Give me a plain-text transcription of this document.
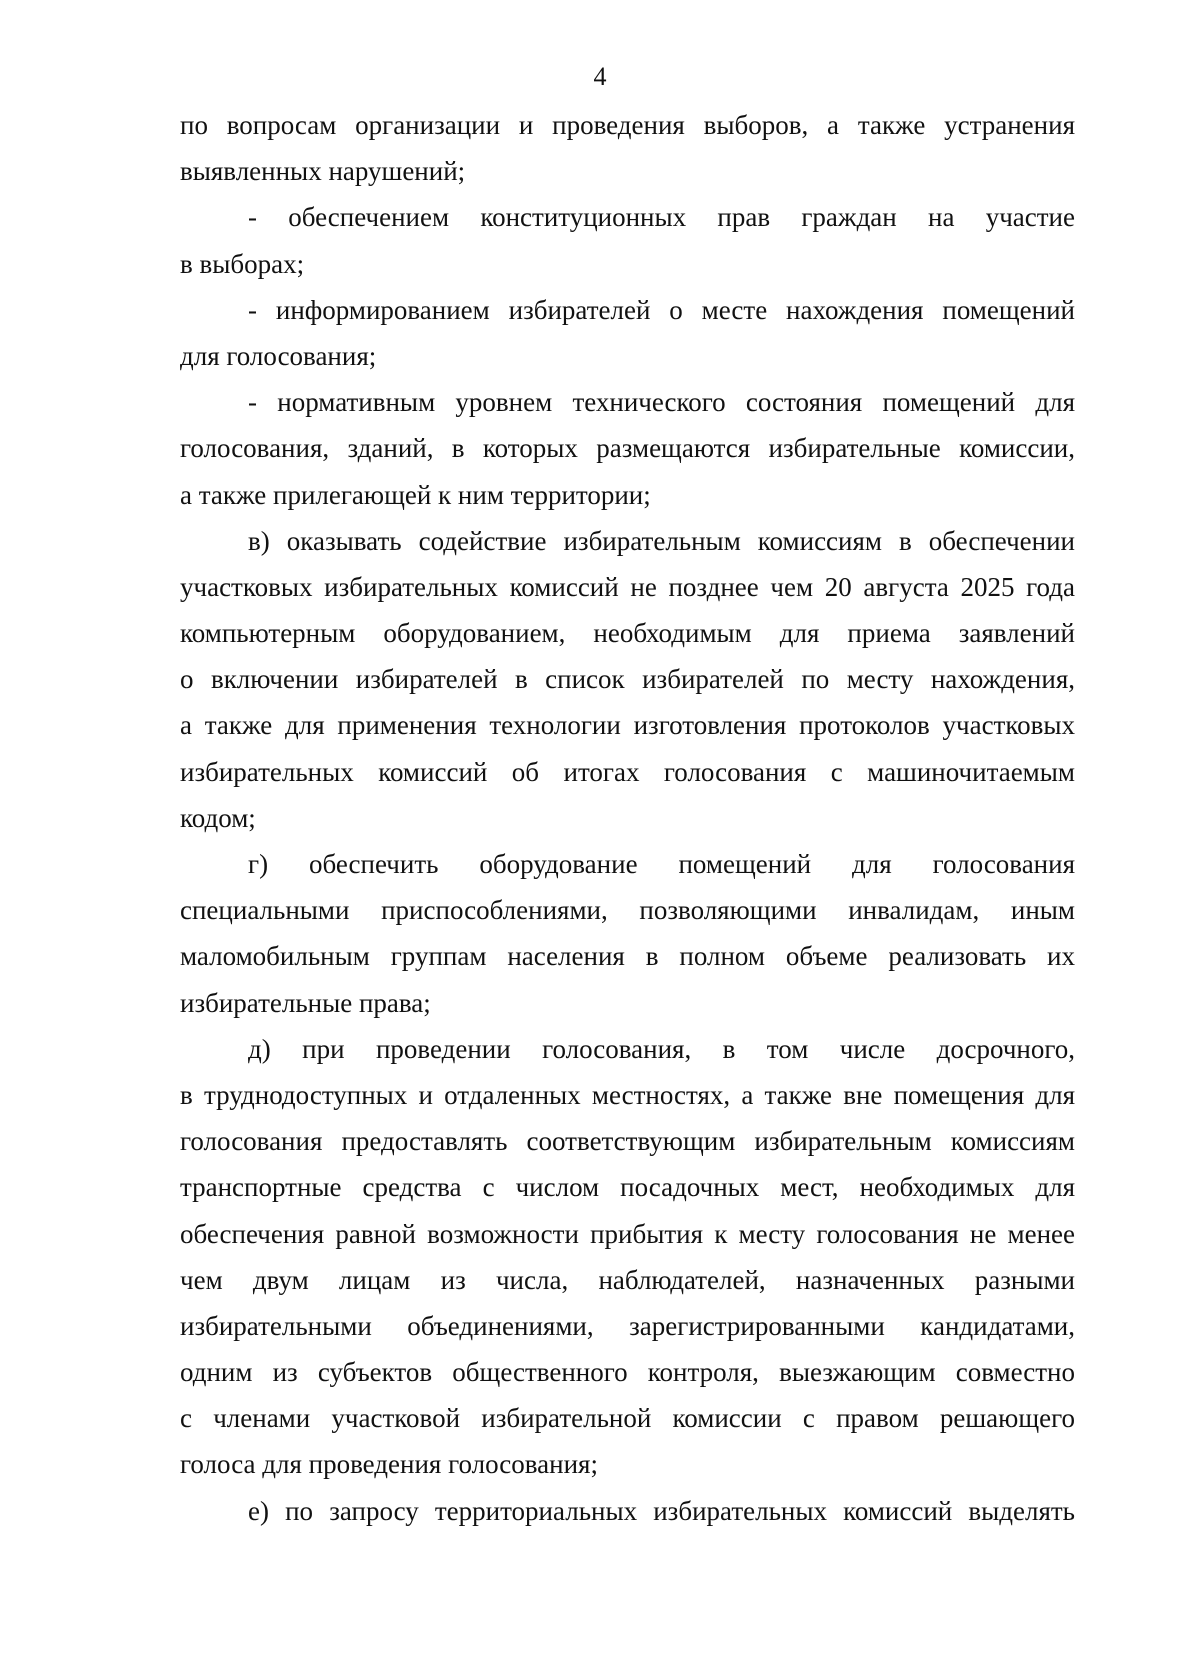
4
по вопросам организации и проведения выборов, а также устранения
выявленных нарушений;
- обеспечением конституционных прав граждан на участие
в выборах;
- информированием избирателей о месте нахождения помещений
для голосования;
- нормативным уровнем технического состояния помещений для
голосования, зданий, в которых размещаются избирательные комиссии,
а также прилегающей к ним территории;
в) оказывать содействие избирательным комиссиям в обеспечении
участковых избирательных комиссий не позднее чем 20 августа 2025 года
компьютерным оборудованием, необходимым для приема заявлений
о включении избирателей в список избирателей по месту нахождения,
а также для применения технологии изготовления протоколов участковых
избирательных комиссий об итогах голосования с машиночитаемым
кодом;
г) обеспечить оборудование помещений для голосования
специальными приспособлениями, позволяющими инвалидам, иным
маломобильным группам населения в полном объеме реализовать их
избирательные права;
д) при проведении голосования, в том числе досрочного,
в труднодоступных и отдаленных местностях, а также вне помещения для
голосования предоставлять соответствующим избирательным комиссиям
транспортные средства с числом посадочных мест, необходимых для
обеспечения равной возможности прибытия к месту голосования не менее
чем двум лицам из числа, наблюдателей, назначенных разными
избирательными объединениями, зарегистрированными кандидатами,
одним из субъектов общественного контроля, выезжающим совместно
с членами участковой избирательной комиссии с правом решающего
голоса для проведения голосования;
е) по запросу территориальных избирательных комиссий выделять
